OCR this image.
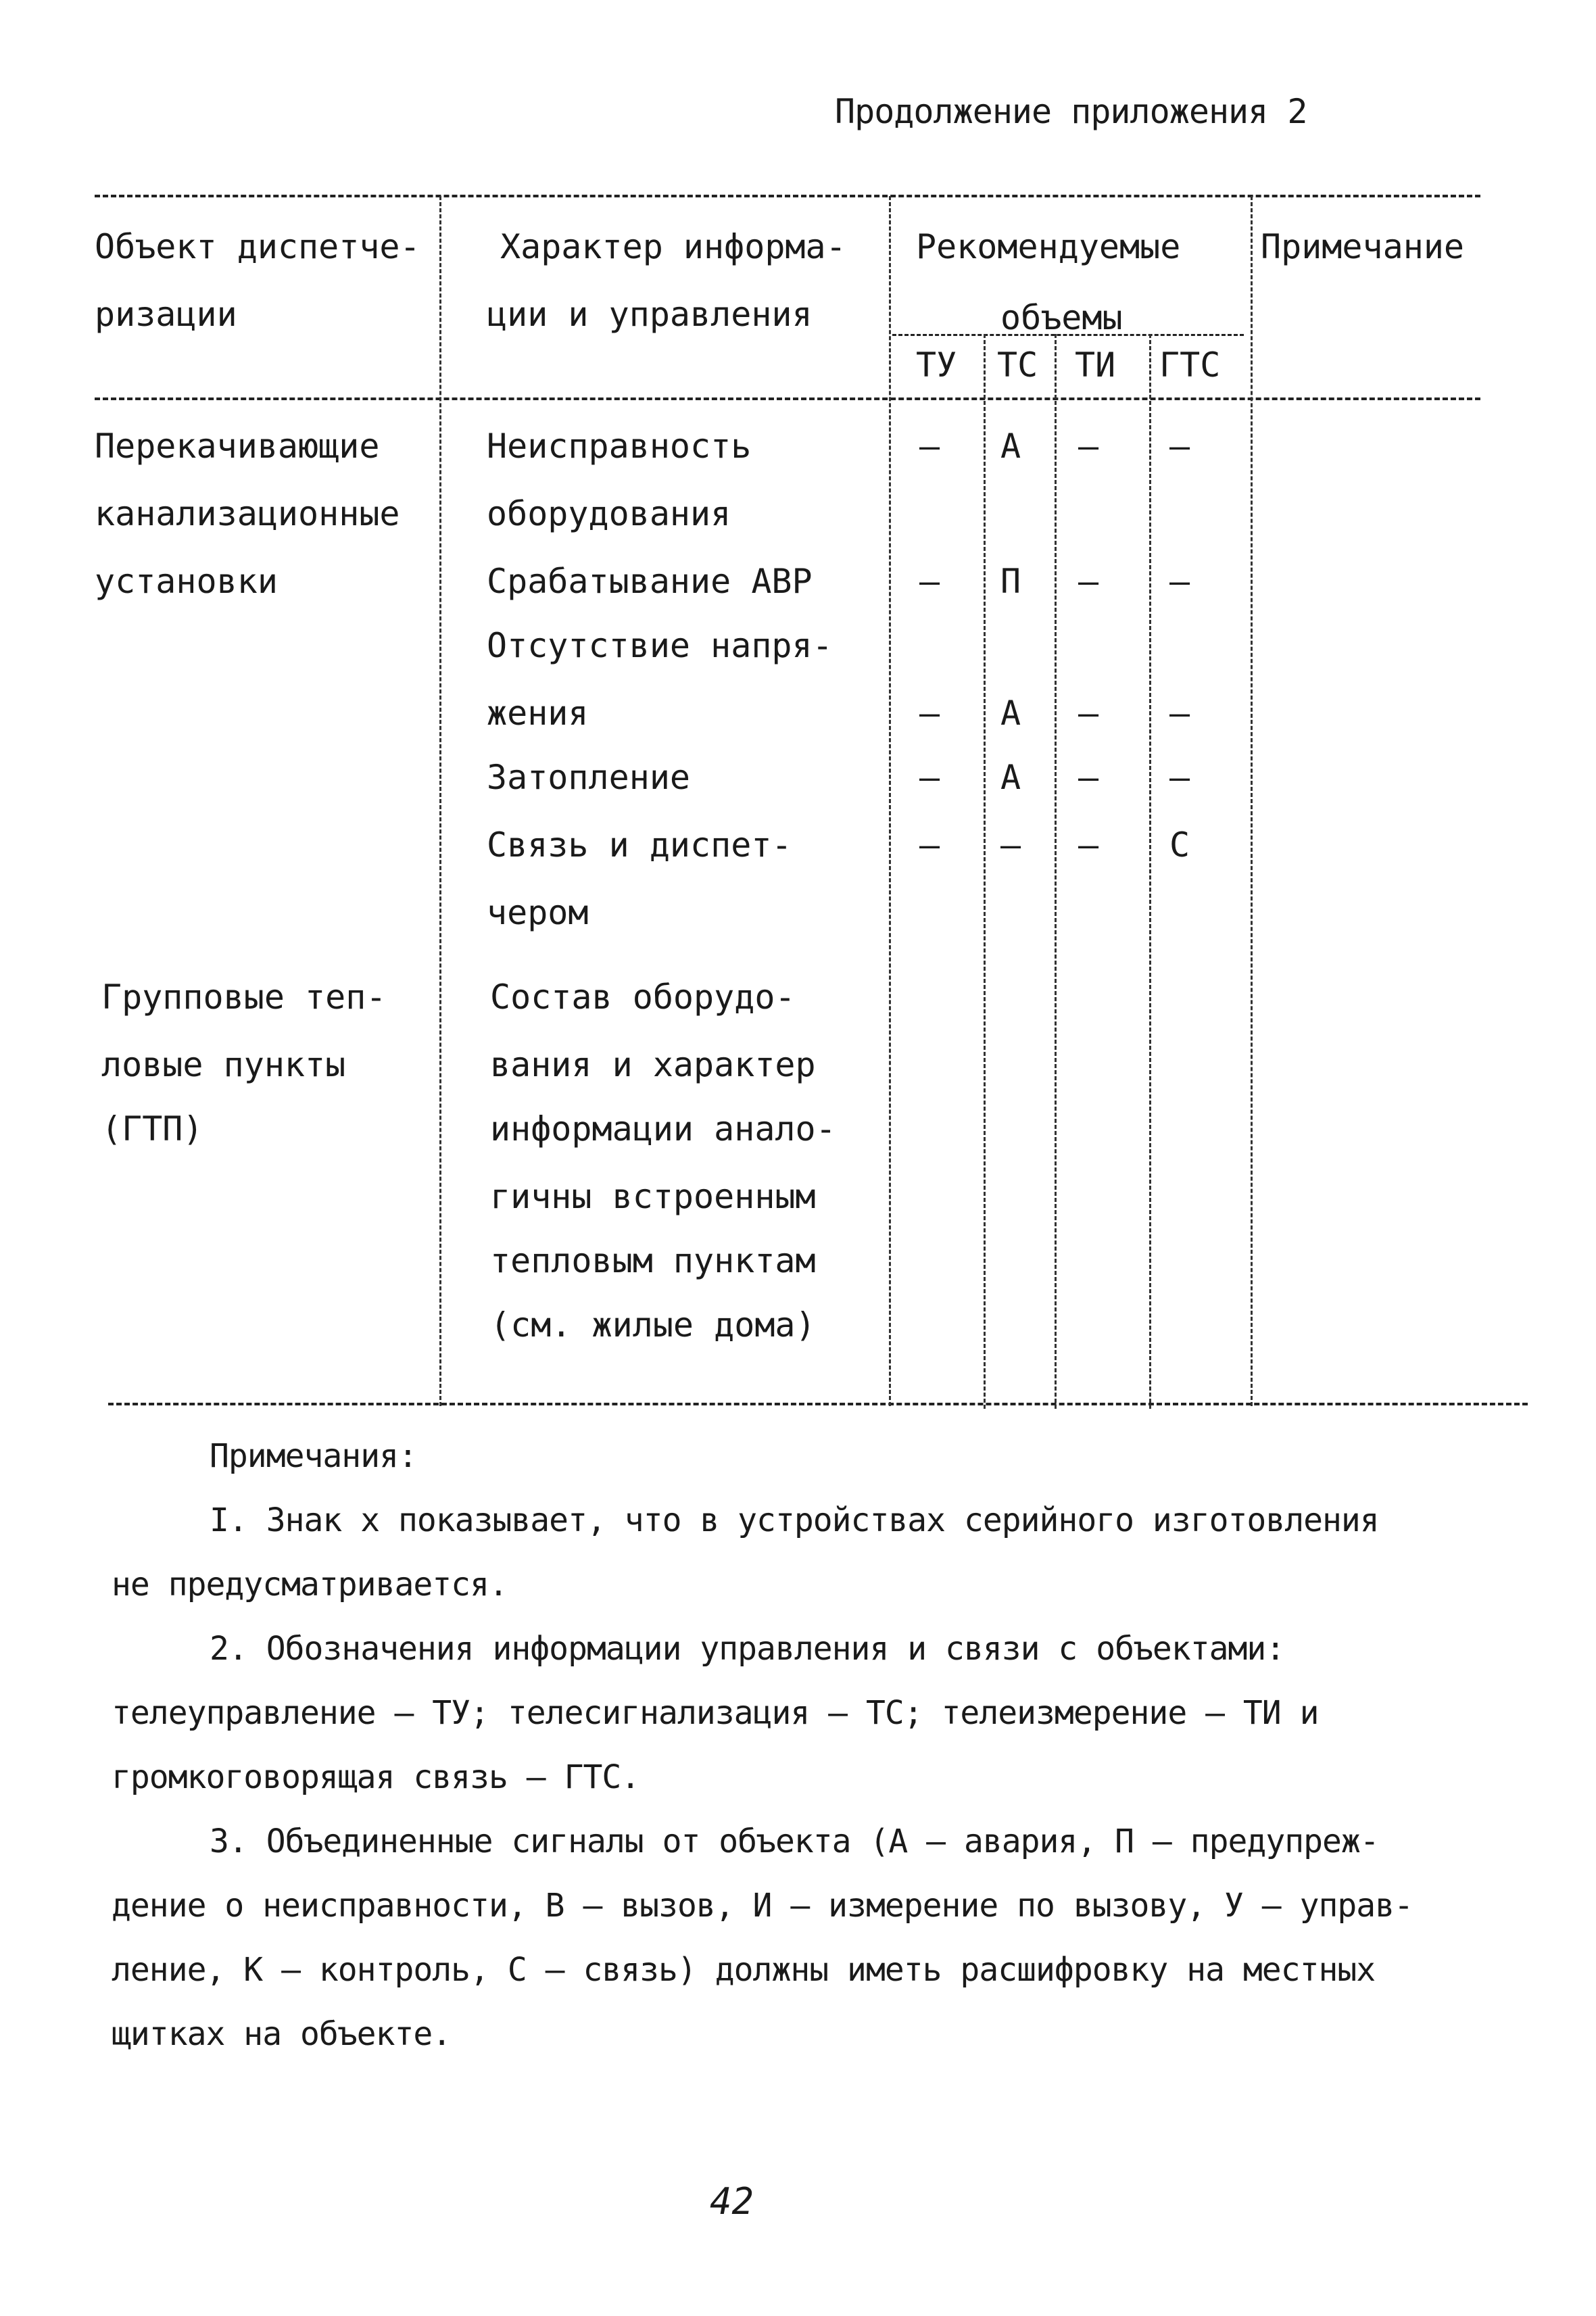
Продолжение приложения 2
Объект диспетче-
ризации
Характер информа-
ции и управления
Рекомендуемые
объемы
Примечание
ТУ ТС ТИ ГТС
Перекачивающие
канализационные
установки
Неисправность
оборудования
Срабатывание АВР
Отсутствие напря-
жения
Затопление
Связь и диспет-
чером
– А – –
– П – –
– А – –
– А – –
– – – С
Групповые теп-
ловые пункты
(ГТП)
Состав оборудо-
вания и характер
информации анало-
гичны встроенным
тепловым пунктам
(см. жилые дома)
Примечания:
I. Знак х показывает, что в устройствах серийного изготовления
не предусматривается.
2. Обозначения информации управления и связи с объектами:
телеуправление – ТУ; телесигнализация – ТС; телеизмерение – ТИ и
громкоговорящая связь – ГТС.
3. Объединенные сигналы от объекта (А – авария, П – предупреж-
дение о неисправности, В – вызов, И – измерение по вызову, У – управ-
ление, К – контроль, С – связь) должны иметь расшифровку на местных
щитках на объекте.
42
